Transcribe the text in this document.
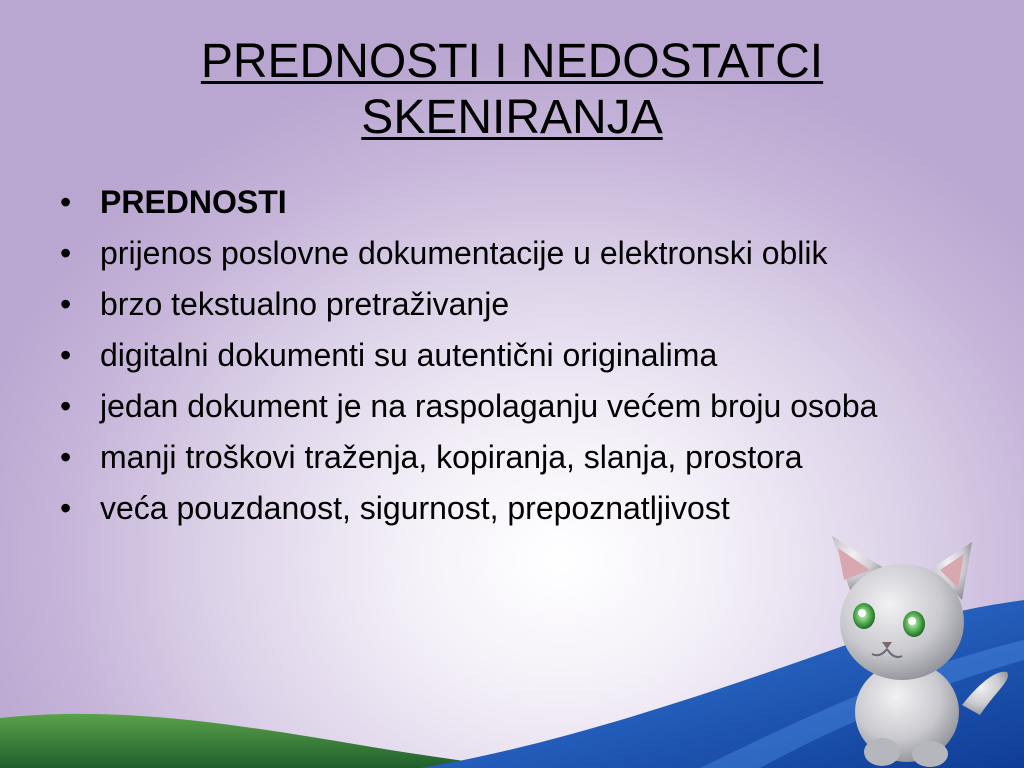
PREDNOSTI I NEDOSTATCI
SKENIRANJA
• PREDNOSTI
• prijenos poslovne dokumentacije u elektronski oblik
• brzo tekstualno pretraživanje
• digitalni dokumenti su autentični originalima
• jedan dokument je na raspolaganju većem broju osoba
• manji troškovi traženja, kopiranja, slanja, prostora
• veća pouzdanost, sigurnost, prepoznatljivost
